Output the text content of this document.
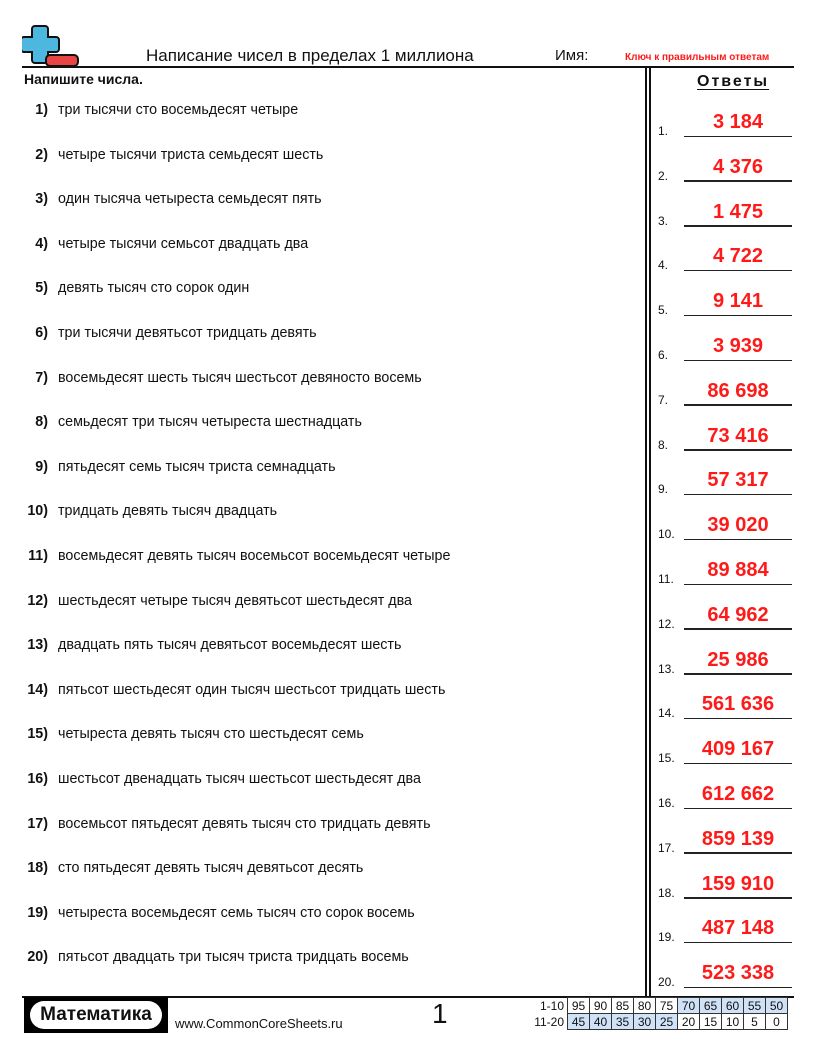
Написание чисел в пределах 1 миллиона	Имя:	Ключ к правильным ответам
Напишите числа.	Ответы
1) три тысячи сто восемьдесят четыре
2) четыре тысячи триста семьдесят шесть
3) один тысяча четыреста семьдесят пять
4) четыре тысячи семьсот двадцать два
5) девять тысяч сто сорок один
6) три тысячи девятьсот тридцать девять
7) восемьдесят шесть тысяч шестьсот девяносто восемь
8) семьдесят три тысяч четыреста шестнадцать
9) пятьдесят семь тысяч триста семнадцать
10) тридцать девять тысяч двадцать
11) восемьдесят девять тысяч восемьсот восемьдесят четыре
12) шестьдесят четыре тысяч девятьсот шестьдесят два
13) двадцать пять тысяч девятьсот восемьдесят шесть
14) пятьсот шестьдесят один тысяч шестьсот тридцать шесть
15) четыреста девять тысяч сто шестьдесят семь
16) шестьсот двенадцать тысяч шестьсот шестьдесят два
17) восемьсот пятьдесят девять тысяч сто тридцать девять
18) сто пятьдесят девять тысяч девятьсот десять
19) четыреста восемьдесят семь тысяч сто сорок восемь
20) пятьсот двадцать три тысяч триста тридцать восемь
1.	3 184
2.	4 376
3.	1 475
4.	4 722
5.	9 141
6.	3 939
7.	86 698
8.	73 416
9.	57 317
10.	39 020
11.	89 884
12.	64 962
13.	25 986
14.	561 636
15.	409 167
16.	612 662
17.	859 139
18.	159 910
19.	487 148
20.	523 338
Математика	www.CommonCoreSheets.ru	1	1-10	95	90	85	80	75	70	65	60	55	50
11-20	45	40	35	30	25	20	15	10	5	0
